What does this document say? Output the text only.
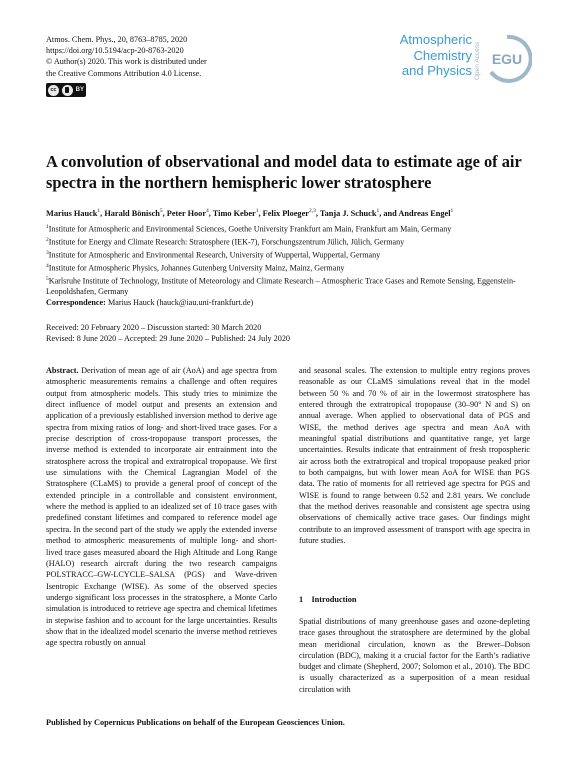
Atmos. Chem. Phys., 20, 8763–8785, 2020
https://doi.org/10.5194/acp-20-8763-2020
© Author(s) 2020. This work is distributed under
the Creative Commons Attribution 4.0 License.
cc	BY
Atmospheric
Chemistry
and Physics Open Access EGU
A convolution of observational and model data to estimate age of air spectra in the northern hemispheric lower stratosphere
Marius Hauck$^1$, Harald Bönisch$^5$, Peter Hoor$^4$, Timo Keber$^1$, Felix Ploeger$^{2,3}$, Tanja J. Schuck$^1$, and Andreas Engel$^1$
$^1$Institute for Atmospheric and Environmental Sciences, Goethe University Frankfurt am Main, Frankfurt am Main, Germany
$^2$Institute for Energy and Climate Research: Stratosphere (IEK-7), Forschungszentrum Jülich, Jülich, Germany
$^3$Institute for Atmospheric and Environmental Research, University of Wuppertal, Wuppertal, Germany
$^4$Institute for Atmospheric Physics, Johannes Gutenberg University Mainz, Mainz, Germany
$^5$Karlsruhe Institute of Technology, Institute of Meteorology and Climate Research – Atmospheric Trace Gases and Remote Sensing, Eggenstein-Leopoldshafen, Germany
Correspondence: Marius Hauck (hauck@iau.uni-frankfurt.de)
Received: 20 February 2020 – Discussion started: 30 March 2020
Revised: 8 June 2020 – Accepted: 29 June 2020 – Published: 24 July 2020

Abstract. Derivation of mean age of air (AoA) and age spectra from atmospheric measurements remains a challenge and often requires output from atmospheric models. This study tries to minimize the direct influence of model output and presents an extension and application of a previously established inversion method to derive age spectra from mixing ratios of long- and short-lived trace gases. For a precise description of cross-tropopause transport processes, the inverse method is extended to incorporate air entrainment into the stratosphere across the tropical and extratropical tropopause. We first use simulations with the Chemical Lagrangian Model of the Stratosphere (CLaMS) to provide a general proof of concept of the extended principle in a controllable and consistent environment, where the method is applied to an idealized set of 10 trace gases with predefined constant lifetimes and compared to reference model age spectra. In the second part of the study we apply the extended inverse method to atmospheric measurements of multiple long- and short-lived trace gases measured aboard the High Altitude and Long Range (HALO) research aircraft during the two research campaigns POLSTRACC–GW-LCYCLE–SALSA (PGS) and Wave-driven Isentropic Exchange (WISE). As some of the observed species undergo significant loss processes in the stratosphere, a Monte Carlo simulation is introduced to retrieve age spectra and chemical lifetimes in stepwise fashion and to account for the large uncertainties. Results show that in the idealized model scenario the inverse method retrieves age spectra robustly on annual

and seasonal scales. The extension to multiple entry regions proves reasonable as our CLaMS simulations reveal that in the model between 50 % and 70 % of air in the lowermost stratosphere has entered through the extratropical tropopause (30–90° N and S) on annual average. When applied to observational data of PGS and WISE, the method derives age spectra and mean AoA with meaningful spatial distributions and quantitative range, yet large uncertainties. Results indicate that entrainment of fresh tropospheric air across both the extratropical and tropical tropopause peaked prior to both campaigns, but with lower mean AoA for WISE than PGS data. The ratio of moments for all retrieved age spectra for PGS and WISE is found to range between 0.52 and 2.81 years. We conclude that the method derives reasonable and consistent age spectra using observations of chemically active trace gases. Our findings might contribute to an improved assessment of transport with age spectra in future studies.

1 Introduction
Spatial distributions of many greenhouse gases and ozone-depleting trace gases throughout the stratosphere are determined by the global mean meridional circulation, known as the Brewer–Dobson circulation (BDC), making it a crucial factor for the Earth’s radiative budget and climate (Shepherd, 2007; Solomon et al., 2010). The BDC is usually characterized as a superposition of a mean residual circulation with
Published by Copernicus Publications on behalf of the European Geosciences Union.
